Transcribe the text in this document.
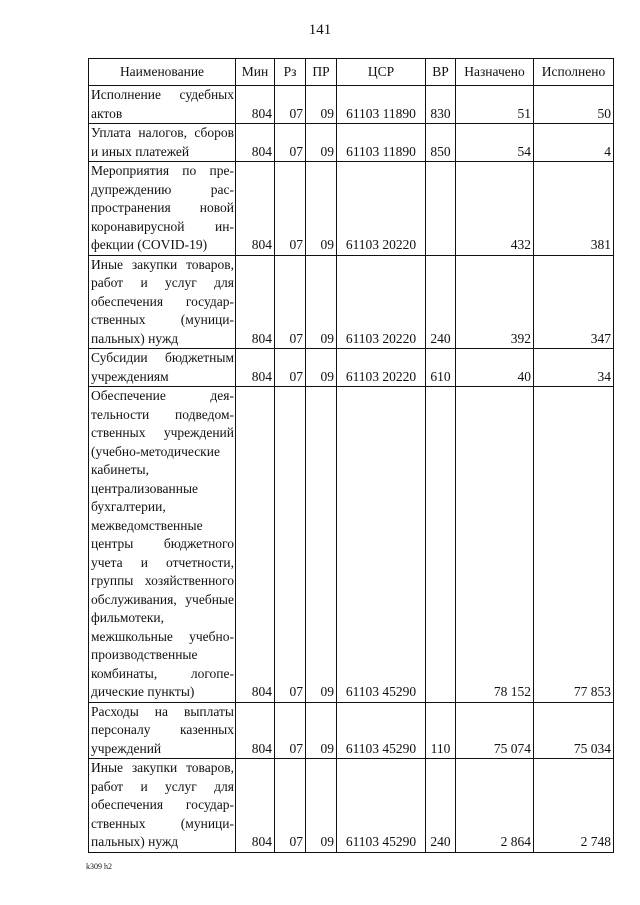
141
Наименование	Мин	Рз	ПР	ЦСР	ВР	Назначено	Исполнено
Исполнение судебных актов	804	07	09	61103 11890	830	51	50
Уплата налогов, сборов и иных платежей	804	07	09	61103 11890	850	54	4
Мероприятия по предупреждению распространения новой коронавирусной инфекции (COVID-19)	804	07	09	61103 20220		432	381
Иные закупки товаров, работ и услуг для обеспечения государственных (муниципальных) нужд	804	07	09	61103 20220	240	392	347
Субсидии бюджетным учреждениям	804	07	09	61103 20220	610	40	34
Обеспечение деятельности подведомственных учреждений (учебно-методические кабинеты, централизованные бухгалтерии, межведомственные центры бюджетного учета и отчетности, группы хозяйственного обслуживания, учебные фильмотеки, межшкольные учебно-производственные комбинаты, логопедические пункты)	804	07	09	61103 45290		78 152	77 853
Расходы на выплаты персоналу казенных учреждений	804	07	09	61103 45290	110	75 074	75 034
Иные закупки товаров, работ и услуг для обеспечения государственных (муниципальных) нужд	804	07	09	61103 45290	240	2 864	2 748
k309 h2
